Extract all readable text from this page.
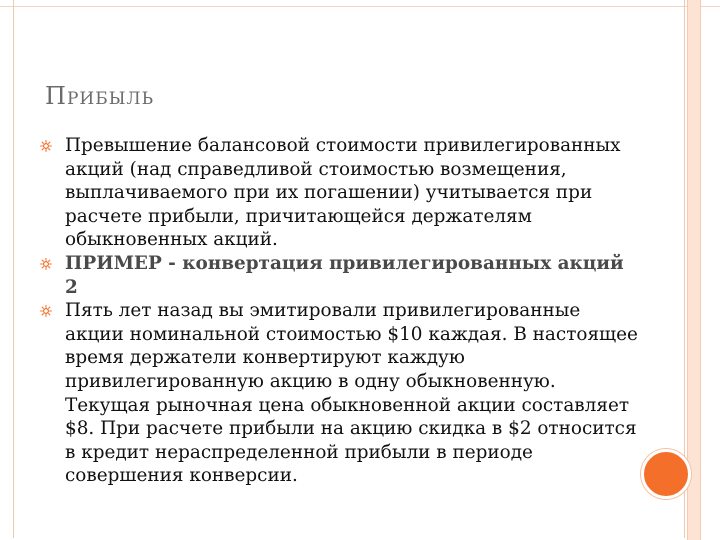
ПРИБЫЛЬ
Превышение балансовой стоимости привилегированных акций (над справедливой стоимостью возмещения, выплачиваемого при их погашении) учитывается при расчете прибыли, причитающейся держателям обыкновенных акций.
ПРИМЕР - конвертация привилегированных акций 2
Пять лет назад вы эмитировали привилегированные акции номинальной стоимостью $10 каждая. В настоящее время держатели конвертируют каждую привилегированную акцию в одну обыкновенную. Текущая рыночная цена обыкновенной акции составляет $8. При расчете прибыли на акцию скидка в $2 относится в кредит нераспределенной прибыли в периоде совершения конверсии.
